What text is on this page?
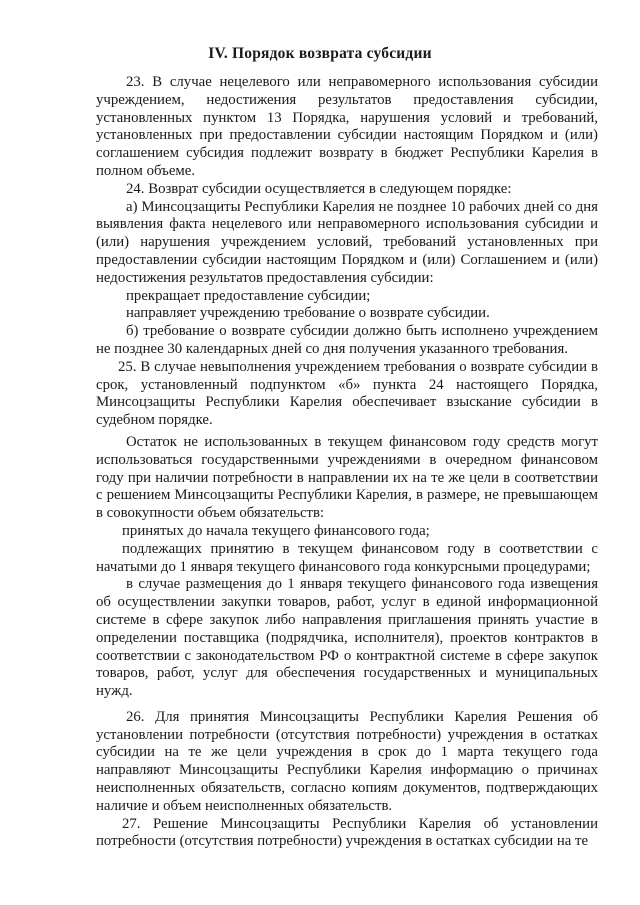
IV. Порядок возврата субсидии

23. В случае нецелевого или неправомерного использования субсидии учреждением, недостижения результатов предоставления субсидии, установленных пунктом 13 Порядка, нарушения условий и требований, установленных при предоставлении субсидии настоящим Порядком и (или) соглашением субсидия подлежит возврату в бюджет Республики Карелия в полном объеме.

24. Возврат субсидии осуществляется в следующем порядке:

а) Минсоцзащиты Республики Карелия не позднее 10 рабочих дней со дня выявления факта нецелевого или неправомерного использования субсидии и (или) нарушения учреждением условий, требований установленных при предоставлении субсидии настоящим Порядком и (или) Соглашением и (или) недостижения результатов предоставления субсидии:

прекращает предоставление субсидии;

направляет учреждению требование о возврате субсидии.

б) требование о возврате субсидии должно быть исполнено учреждением не позднее 30 календарных дней со дня получения указанного требования.

25. В случае невыполнения учреждением требования о возврате субсидии в срок, установленный подпунктом «б» пункта 24 настоящего Порядка, Минсоцзащиты Республики Карелия обеспечивает взыскание субсидии в судебном порядке.

Остаток не использованных в текущем финансовом году средств могут использоваться государственными учреждениями в очередном финансовом году при наличии потребности в направлении их на те же цели в соответствии с решением Минсоцзащиты Республики Карелия, в размере, не превышающем в совокупности объем обязательств:

принятых до начала текущего финансового года;

подлежащих принятию в текущем финансовом году в соответствии с начатыми до 1 января текущего финансового года конкурсными процедурами;

в случае размещения до 1 января текущего финансового года извещения об осуществлении закупки товаров, работ, услуг в единой информационной системе в сфере закупок либо направления приглашения принять участие в определении поставщика (подрядчика, исполнителя), проектов контрактов в соответствии с законодательством РФ о контрактной системе в сфере закупок товаров, работ, услуг для обеспечения государственных и муниципальных нужд.

26. Для принятия Минсоцзащиты Республики Карелия Решения об установлении потребности (отсутствия потребности) учреждения в остатках субсидии на те же цели учреждения в срок до 1 марта текущего года направляют Минсоцзащиты Республики Карелия информацию о причинах неисполненных обязательств, согласно копиям документов, подтверждающих наличие и объем неисполненных обязательств.

27. Решение Минсоцзащиты Республики Карелия об установлении потребности (отсутствия потребности) учреждения в остатках субсидии на те
